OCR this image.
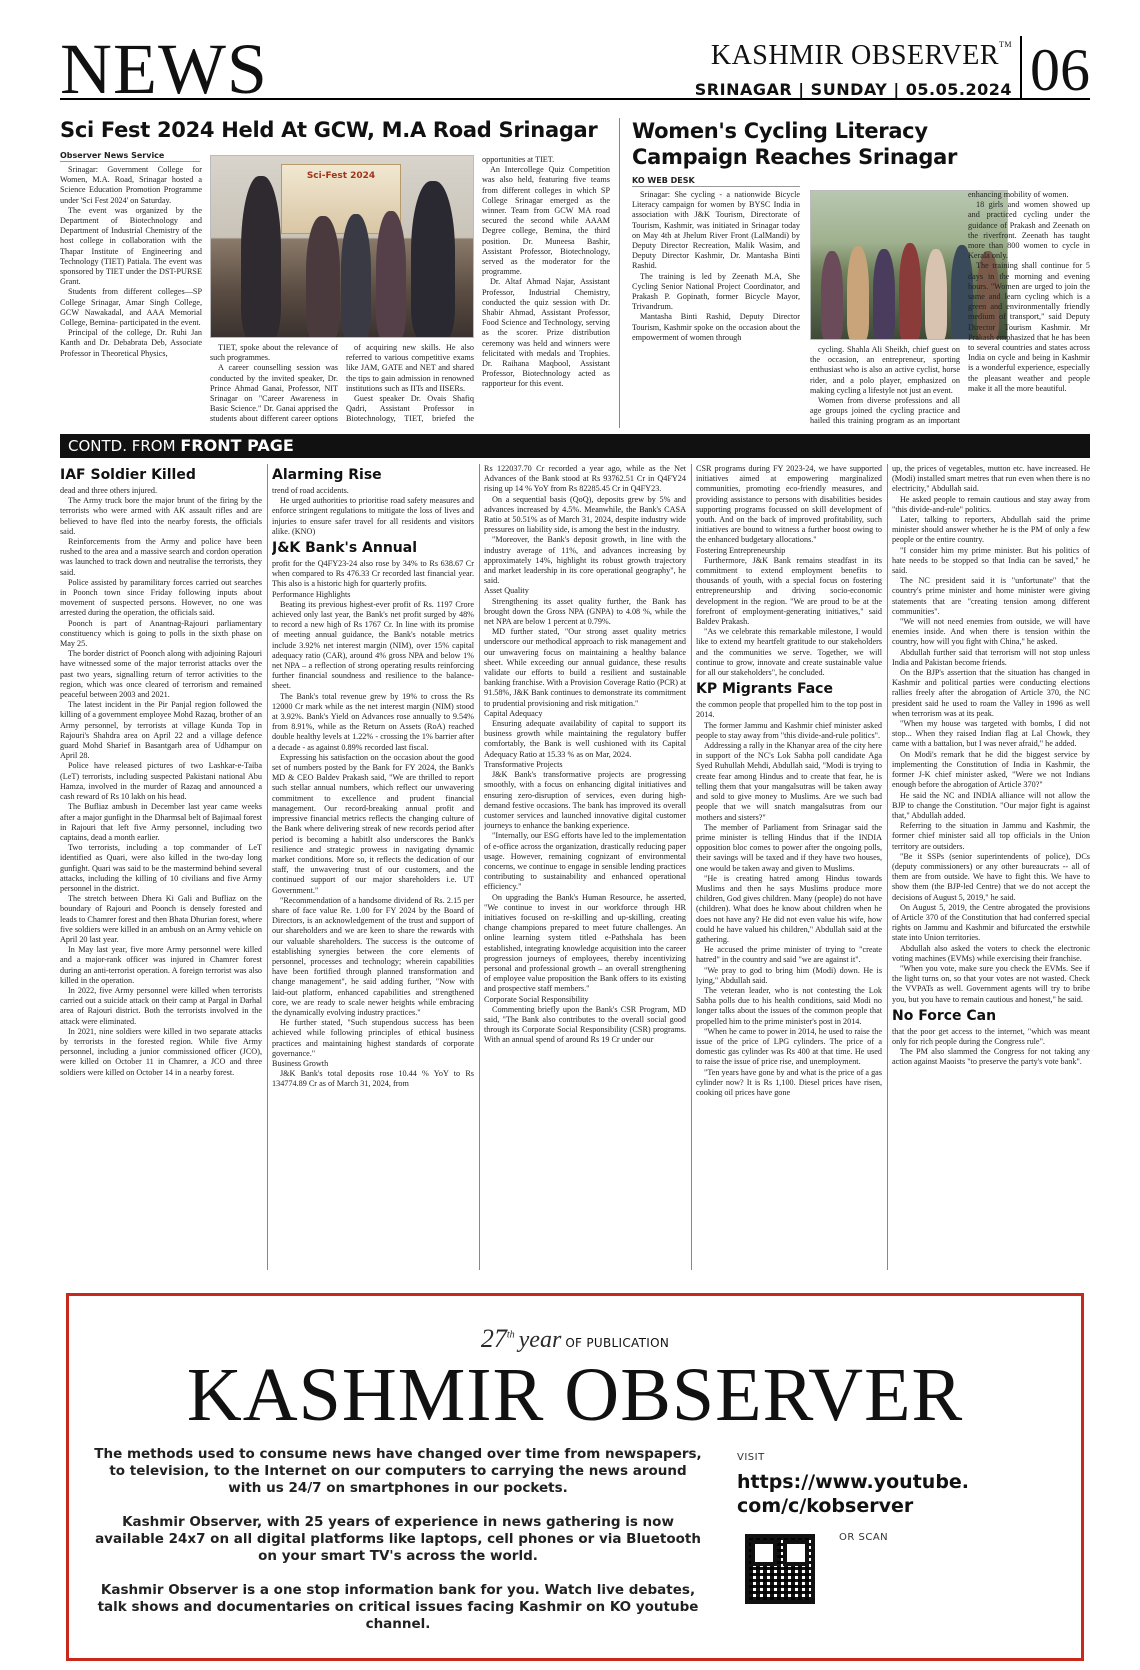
NEWS	KASHMIR OBSERVER™
SRINAGAR | SUNDAY | 05.05.2024 06
Sci Fest 2024 Held At GCW, M.A Road Srinagar
Observer News Service

Srinagar: Government College for Women, M.A. Road, Srinagar hosted a Science Education Promotion Programme under 'Sci Fest 2024' on Saturday.

The event was organized by the Department of Biotechnology and Department of Industrial Chemistry of the host college in collaboration with the Thapar Institute of Engineering and Technology (TIET) Patiala. The event was sponsored by TIET under the DST-PURSE Grant.

Students from different colleges—SP College Srinagar, Amar Singh College, GCW Nawakadal, and AAA Memorial College, Bemina- participated in the event.

Principal of the college, Dr. Ruhi Jan Kanth and Dr. Debabrata Deb, Associate Professor in Theoretical Physics,

Sci-Fest 2024

TIET, spoke about the relevance of such programmes.

A career counselling session was conducted by the invited speaker, Dr. Prince Ahmad Ganai, Professor, NIT Srinagar on "Career Awareness in Basic Science." Dr. Ganai apprised the students about different career options

of acquiring new skills. He also referred to various competitive exams like JAM, GATE and NET and shared the tips to gain admission in renowned institutions such as IITs and IISERs.

Guest speaker Dr. Ovais Shafiq Qadri, Assistant Professor in Biotechnology, TIET, briefed the

opportunities at TIET.

An Intercollege Quiz Competition was also held, featuring five teams from different colleges in which SP College Srinagar emerged as the winner. Team from GCW MA road secured the second while AAAM Degree college, Bemina, the third position. Dr. Muneesa Bashir, Assistant Professor, Biotechnology, served as the moderator for the programme.

Dr. Altaf Ahmad Najar, Assistant Professor, Industrial Chemistry, conducted the quiz session with Dr. Shabir Ahmad, Assistant Professor, Food Science and Technology, serving as the scorer. Prize distribution ceremony was held and winners were felicitated with medals and Trophies. Dr. Raihana Maqbool, Assistant Professor, Biotechnology acted as rapporteur for this event.

Women's Cycling Literacy
Campaign Reaches Srinagar
KO WEB DESK

Srinagar: She cycling - a nationwide Bicycle Literacy campaign for women by BYSC India in association with J&K Tourism, Directorate of Tourism, Kashmir, was initiated in Srinagar today on May 4th at Jhelum River Front (LalMandi) by Deputy Director Recreation, Malik Wasim, and Deputy Director Kashmir, Dr. Mantasha Binti Rashid.

The training is led by Zeenath M.A, She Cycling Senior National Project Coordinator, and Prakash P. Gopinath, former Bicycle Mayor, Trivandrum.

Mantasha Binti Rashid, Deputy Director Tourism, Kashmir spoke on the occasion about the empowerment of women through

cycling. Shahla Ali Sheikh, chief guest on the occasion, an entrepreneur, sporting enthusiast who is also an active cyclist, horse rider, and a polo player, emphasized on making cycling a lifestyle not just an event.

Women from diverse professions and all age groups joined the cycling practice and hailed this training program as an important

enhancing mobility of women.

18 girls and women showed up and practiced cycling under the guidance of Prakash and Zeenath on the riverfront. Zeenath has taught more than 800 women to cycle in Kerala only.

The training shall continue for 5 days in the morning and evening hours. "Women are urged to join the same and learn cycling which is a green and environmentally friendly medium of transport," said Deputy Director Tourism Kashmir. Mr Prakash emphasized that he has been to several countries and states across India on cycle and being in Kashmir is a wonderful experience, especially the pleasant weather and people make it all the more beautiful.

CONTD. FROM FRONT PAGE
IAF Soldier Killed

dead and three others injured.

The Army truck bore the major brunt of the firing by the terrorists who were armed with AK assault rifles and are believed to have fled into the nearby forests, the officials said.

Reinforcements from the Army and police have been rushed to the area and a massive search and cordon operation was launched to track down and neutralise the terrorists, they said.

Police assisted by paramilitary forces carried out searches in Poonch town since Friday following inputs about movement of suspected persons. However, no one was arrested during the operation, the officials said.

Poonch is part of Anantnag-Rajouri parliamentary constituency which is going to polls in the sixth phase on May 25.

The border district of Poonch along with adjoining Rajouri have witnessed some of the major terrorist attacks over the past two years, signalling return of terror activities to the region, which was once cleared of terrorism and remained peaceful between 2003 and 2021.

The latest incident in the Pir Panjal region followed the killing of a government employee Mohd Razaq, brother of an Army personnel, by terrorists at village Kunda Top in Rajouri's Shahdra area on April 22 and a village defence guard Mohd Sharief in Basantgarh area of Udhampur on April 28.

Police have released pictures of two Lashkar-e-Taiba (LeT) terrorists, including suspected Pakistani national Abu Hamza, involved in the murder of Razaq and announced a cash reward of Rs 10 lakh on his head.

The Bufliaz ambush in December last year came weeks after a major gunfight in the Dharmsal belt of Bajimaal forest in Rajouri that left five Army personnel, including two captains, dead a month earlier.

Two terrorists, including a top commander of LeT identified as Quari, were also killed in the two-day long gunfight. Quari was said to be the mastermind behind several attacks, including the killing of 10 civilians and five Army personnel in the district.

The stretch between Dhera Ki Gali and Bufliaz on the boundary of Rajouri and Poonch is densely forested and leads to Chamrer forest and then Bhata Dhurian forest, where five soldiers were killed in an ambush on an Army vehicle on April 20 last year.

In May last year, five more Army personnel were killed and a major-rank officer was injured in Chamrer forest during an anti-terrorist operation. A foreign terrorist was also killed in the operation.

In 2022, five Army personnel were killed when terrorists carried out a suicide attack on their camp at Pargal in Darhal area of Rajouri district. Both the terrorists involved in the attack were eliminated.

In 2021, nine soldiers were killed in two separate attacks by terrorists in the forested region. While five Army personnel, including a junior commissioned officer (JCO), were killed on October 11 in Chamrer, a JCO and three soldiers were killed on October 14 in a nearby forest.

Alarming Rise

trend of road accidents.

He urged authorities to prioritise road safety measures and enforce stringent regulations to mitigate the loss of lives and injuries to ensure safer travel for all residents and visitors alike. (KNO)

J&K Bank's Annual

profit for the Q4FY23-24 also rose by 34% to Rs 638.67 Cr when compared to Rs 476.33 Cr recorded last financial year. This also is a historic high for quarterly profits.

Performance Highlights

Beating its previous highest-ever profit of Rs. 1197 Crore achieved only last year, the Bank's net profit surged by 48% to record a new high of Rs 1767 Cr. In line with its promise of meeting annual guidance, the Bank's notable metrics include 3.92% net interest margin (NIM), over 15% capital adequacy ratio (CAR), around 4% gross NPA and below 1% net NPA – a reflection of strong operating results reinforcing further financial soundness and resilience to the balance-sheet.

The Bank's total revenue grew by 19% to cross the Rs 12000 Cr mark while as the net interest margin (NIM) stood at 3.92%. Bank's Yield on Advances rose annually to 9.54% from 8.91%, while as the Return on Assets (RoA) reached double healthy levels at 1.22% - crossing the 1% barrier after a decade - as against 0.89% recorded last fiscal.

Expressing his satisfaction on the occasion about the good set of numbers posted by the Bank for FY 2024, the Bank's MD & CEO Baldev Prakash said, "We are thrilled to report such stellar annual numbers, which reflect our unwavering commitment to excellence and prudent financial management. Our record-breaking annual profit and impressive financial metrics reflects the changing culture of the Bank where delivering streak of new records period after period is becoming a habitIt also underscores the Bank's resilience and strategic prowess in navigating dynamic market conditions. More so, it reflects the dedication of our staff, the unwavering trust of our customers, and the continued support of our major shareholders i.e. UT Government."

"Recommendation of a handsome dividend of Rs. 2.15 per share of face value Re. 1.00 for FY 2024 by the Board of Directors, is an acknowledgement of the trust and support of our shareholders and we are keen to share the rewards with our valuable shareholders. The success is the outcome of establishing synergies between the core elements of personnel, processes and technology; wherein capabilities have been fortified through planned transformation and change management", he said adding further, "Now with laid-out platform, enhanced capabilities and strengthened core, we are ready to scale newer heights while embracing the dynamically evolving industry practices."

He further stated, "Such stupendous success has been achieved while following principles of ethical business practices and maintaining highest standards of corporate governance."

Business Growth

J&K Bank's total deposits rose 10.44 % YoY to Rs 134774.89 Cr as of March 31, 2024, from

Rs 122037.70 Cr recorded a year ago, while as the Net Advances of the Bank stood at Rs 93762.51 Cr in Q4FY24 rising up 14 % YoY from Rs 82285.45 Cr in Q4FY23.

On a sequential basis (QoQ), deposits grew by 5% and advances increased by 4.5%. Meanwhile, the Bank's CASA Ratio at 50.51% as of March 31, 2024, despite industry wide pressures on liability side, is among the best in the industry.

"Moreover, the Bank's deposit growth, in line with the industry average of 11%, and advances increasing by approximately 14%, highlight its robust growth trajectory and market leadership in its core operational geography", he said.

Asset Quality

Strengthening its asset quality further, the Bank has brought down the Gross NPA (GNPA) to 4.08 %, while the net NPA are below 1 percent at 0.79%.

MD further stated, "Our strong asset quality metrics underscore our methodical approach to risk management and our unwavering focus on maintaining a healthy balance sheet. While exceeding our annual guidance, these results validate our efforts to build a resilient and sustainable banking franchise. With a Provision Coverage Ratio (PCR) at 91.58%, J&K Bank continues to demonstrate its commitment to prudential provisioning and risk mitigation."

Capital Adequacy

Ensuring adequate availability of capital to support its business growth while maintaining the regulatory buffer comfortably, the Bank is well cushioned with its Capital Adequacy Ratio at 15.33 % as on Mar, 2024.

Transformative Projects

J&K Bank's transformative projects are progressing smoothly, with a focus on enhancing digital initiatives and ensuring zero-disruption of services, even during high-demand festive occasions. The bank has improved its overall customer services and launched innovative digital customer journeys to enhance the banking experience.

"Internally, our ESG efforts have led to the implementation of e-office across the organization, drastically reducing paper usage. However, remaining cognizant of environmental concerns, we continue to engage in sensible lending practices contributing to sustainability and enhanced operational efficiency."

On upgrading the Bank's Human Resource, he asserted, "We continue to invest in our workforce through HR initiatives focused on re-skilling and up-skilling, creating change champions prepared to meet future challenges. An online learning system titled e-Pathshala has been established, integrating knowledge acquisition into the career progression journeys of employees, thereby incentivizing personal and professional growth – an overall strengthening of employee value proposition the Bank offers to its existing and prospective staff members."

Corporate Social Responsibility

Commenting briefly upon the Bank's CSR Program, MD said, "The Bank also contributes to the overall social good through its Corporate Social Responsibility (CSR) programs. With an annual spend of around Rs 19 Cr under our

CSR programs during FY 2023-24, we have supported initiatives aimed at empowering marginalized communities, promoting eco-friendly measures, and providing assistance to persons with disabilities besides supporting programs focussed on skill development of youth. And on the back of improved profitability, such initiatives are bound to witness a further boost owing to the enhanced budgetary allocations."

Fostering Entrepreneurship

Furthermore, J&K Bank remains steadfast in its commitment to extend employment benefits to thousands of youth, with a special focus on fostering entrepreneurship and driving socio-economic development in the region. "We are proud to be at the forefront of employment-generating initiatives," said Baldev Prakash.

"As we celebrate this remarkable milestone, I would like to extend my heartfelt gratitude to our stakeholders and the communities we serve. Together, we will continue to grow, innovate and create sustainable value for all our stakeholders", he concluded.

KP Migrants Face

the common people that propelled him to the top post in 2014.

The former Jammu and Kashmir chief minister asked people to stay away from "this divide-and-rule politics".

Addressing a rally in the Khanyar area of the city here in support of the NC's Lok Sabha poll candidate Aga Syed Ruhullah Mehdi, Abdullah said, "Modi is trying to create fear among Hindus and to create that fear, he is telling them that your mangalsutras will be taken away and sold to give money to Muslims. Are we such bad people that we will snatch mangalsutras from our mothers and sisters?"

The member of Parliament from Srinagar said the prime minister is telling Hindus that if the INDIA opposition bloc comes to power after the ongoing polls, their savings will be taxed and if they have two houses, one would be taken away and given to Muslims.

"He is creating hatred among Hindus towards Muslims and then he says Muslims produce more children, God gives children. Many (people) do not have (children). What does he know about children when he does not have any? He did not even value his wife, how could he have valued his children," Abdullah said at the gathering.

He accused the prime minister of trying to "create hatred" in the country and said "we are against it".

"We pray to god to bring him (Modi) down. He is lying," Abdullah said.

The veteran leader, who is not contesting the Lok Sabha polls due to his health conditions, said Modi no longer talks about the issues of the common people that propelled him to the prime minister's post in 2014.

"When he came to power in 2014, he used to raise the issue of the price of LPG cylinders. The price of a domestic gas cylinder was Rs 400 at that time. He used to raise the issue of price rise, and unemployment.

"Ten years have gone by and what is the price of a gas cylinder now? It is Rs 1,100. Diesel prices have risen, cooking oil prices have gone

up, the prices of vegetables, mutton etc. have increased. He (Modi) installed smart metres that run even when there is no electricity," Abdullah said.

He asked people to remain cautious and stay away from "this divide-and-rule" politics.

Later, talking to reporters, Abdullah said the prime minister should answer whether he is the PM of only a few people or the entire country.

"I consider him my prime minister. But his politics of hate needs to be stopped so that India can be saved," he said.

The NC president said it is "unfortunate" that the country's prime minister and home minister were giving statements that are "creating tension among different communities".

"We will not need enemies from outside, we will have enemies inside. And when there is tension within the country, how will you fight with China," he asked.

Abdullah further said that terrorism will not stop unless India and Pakistan become friends.

On the BJP's assertion that the situation has changed in Kashmir and political parties were conducting elections rallies freely after the abrogation of Article 370, the NC president said he used to roam the Valley in 1996 as well when terrorism was at its peak.

"When my house was targeted with bombs, I did not stop... When they raised Indian flag at Lal Chowk, they came with a battalion, but I was never afraid," he added.

On Modi's remark that he did the biggest service by implementing the Constitution of India in Kashmir, the former J-K chief minister asked, "Were we not Indians enough before the abrogation of Article 370?"

He said the NC and INDIA alliance will not allow the BJP to change the Constitution. "Our major fight is against that," Abdullah added.

Referring to the situation in Jammu and Kashmir, the former chief minister said all top officials in the Union territory are outsiders.

"Be it SSPs (senior superintendents of police), DCs (deputy commissioners) or any other bureaucrats -- all of them are from outside. We have to fight this. We have to show them (the BJP-led Centre) that we do not accept the decisions of August 5, 2019," he said.

On August 5, 2019, the Centre abrogated the provisions of Article 370 of the Constitution that had conferred special rights on Jammu and Kashmir and bifurcated the erstwhile state into Union territories.

Abdullah also asked the voters to check the electronic voting machines (EVMs) while exercising their franchise.

"When you vote, make sure you check the EVMs. See if the light turns on, so that your votes are not wasted. Check the VVPATs as well. Government agents will try to bribe you, but you have to remain cautious and honest," he said.

No Force Can

that the poor get access to the internet, "which was meant only for rich people during the Congress rule".

The PM also slammed the Congress for not taking any action against Maoists "to preserve the party's vote bank".

27th year OF PUBLICATION
KASHMIR OBSERVER
The methods used to consume news have changed over time from newspapers, to television, to the Internet on our computers to carrying the news around with us 24/7 on smartphones in our pockets.
Kashmir Observer, with 25 years of experience in news gathering is now available 24x7 on all digital platforms like laptops, cell phones or via Bluetooth on your smart TV's across the world.
Kashmir Observer is a one stop information bank for you. Watch live debates, talk shows and documentaries on critical issues facing Kashmir on KO youtube channel.
VISIT
https://www.youtube.
com/c/kobserver
OR SCAN
